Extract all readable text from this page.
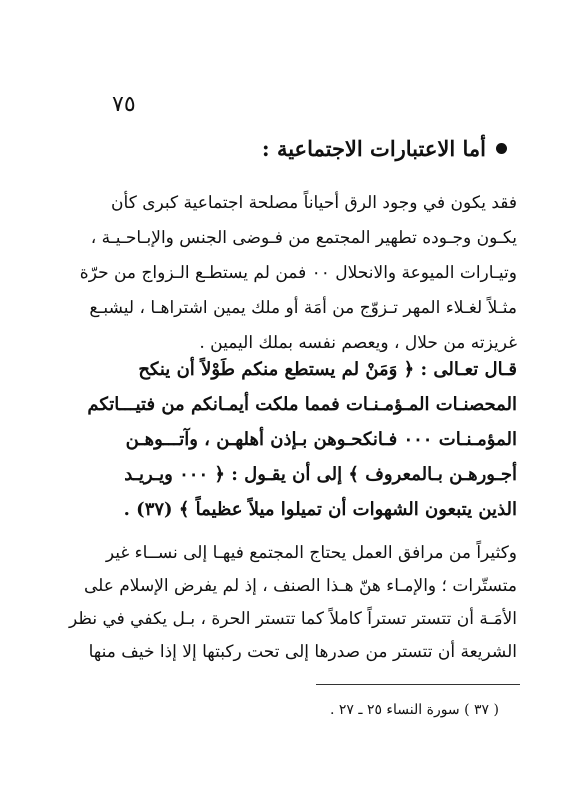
٧٥
أما الاعتبارات الاجتماعية :
فقد يكون في وجود الرق أحياناً مصلحة اجتماعية كبرى كأن
يكـون وجـوده تطهير المجتمع من فـوضى الجنس والإبـاحـيـة ،
وتيـارات الميوعة والانحلال ٠٠ فمن لم يستطـع الـزواج من حرّة
مثـلاً لغـلاء المهر تـزوّج من أمَة أو ملك يمين اشتراهـا ، ليشبـع
غريزته من حلال ، ويعصم نفسه بملك اليمين .
قـال تعـالى : ﴿ وَمَنْ لم يستطع منكم طَوْلاً أن ينكح
المحصنـات المـؤمـنـات فمما ملكت أيمـانكم من فتيـــاتكم
المؤمـنـات ٠٠٠ فـانكحـوهن بـإذن أهلهـن ، وآتـــوهـن
أجـورهـن بـالمعروف ﴾ إلى أن يقـول : ﴿ ٠٠٠ ويـريـد
الذين يتبعون الشهوات أن تميلوا ميلاً عظيماً ﴾ (٣٧) .
وكثيراً من مرافق العمل يحتاج المجتمع فيهـا إلى نســاء غير
متستّرات ؛ والإمـاء هنّ هـذا الصنف ، إذ لم يفرض الإسلام على
الأمَـة أن تتستر تستراً كاملاً كما تتستر الحرة ، بـل يكفي في نظر
الشريعة أن تتستر من صدرها إلى تحت ركبتها إلا إذا خيف منها
( ٣٧ ) سورة النساء ٢٥ ـ ٢٧ .
